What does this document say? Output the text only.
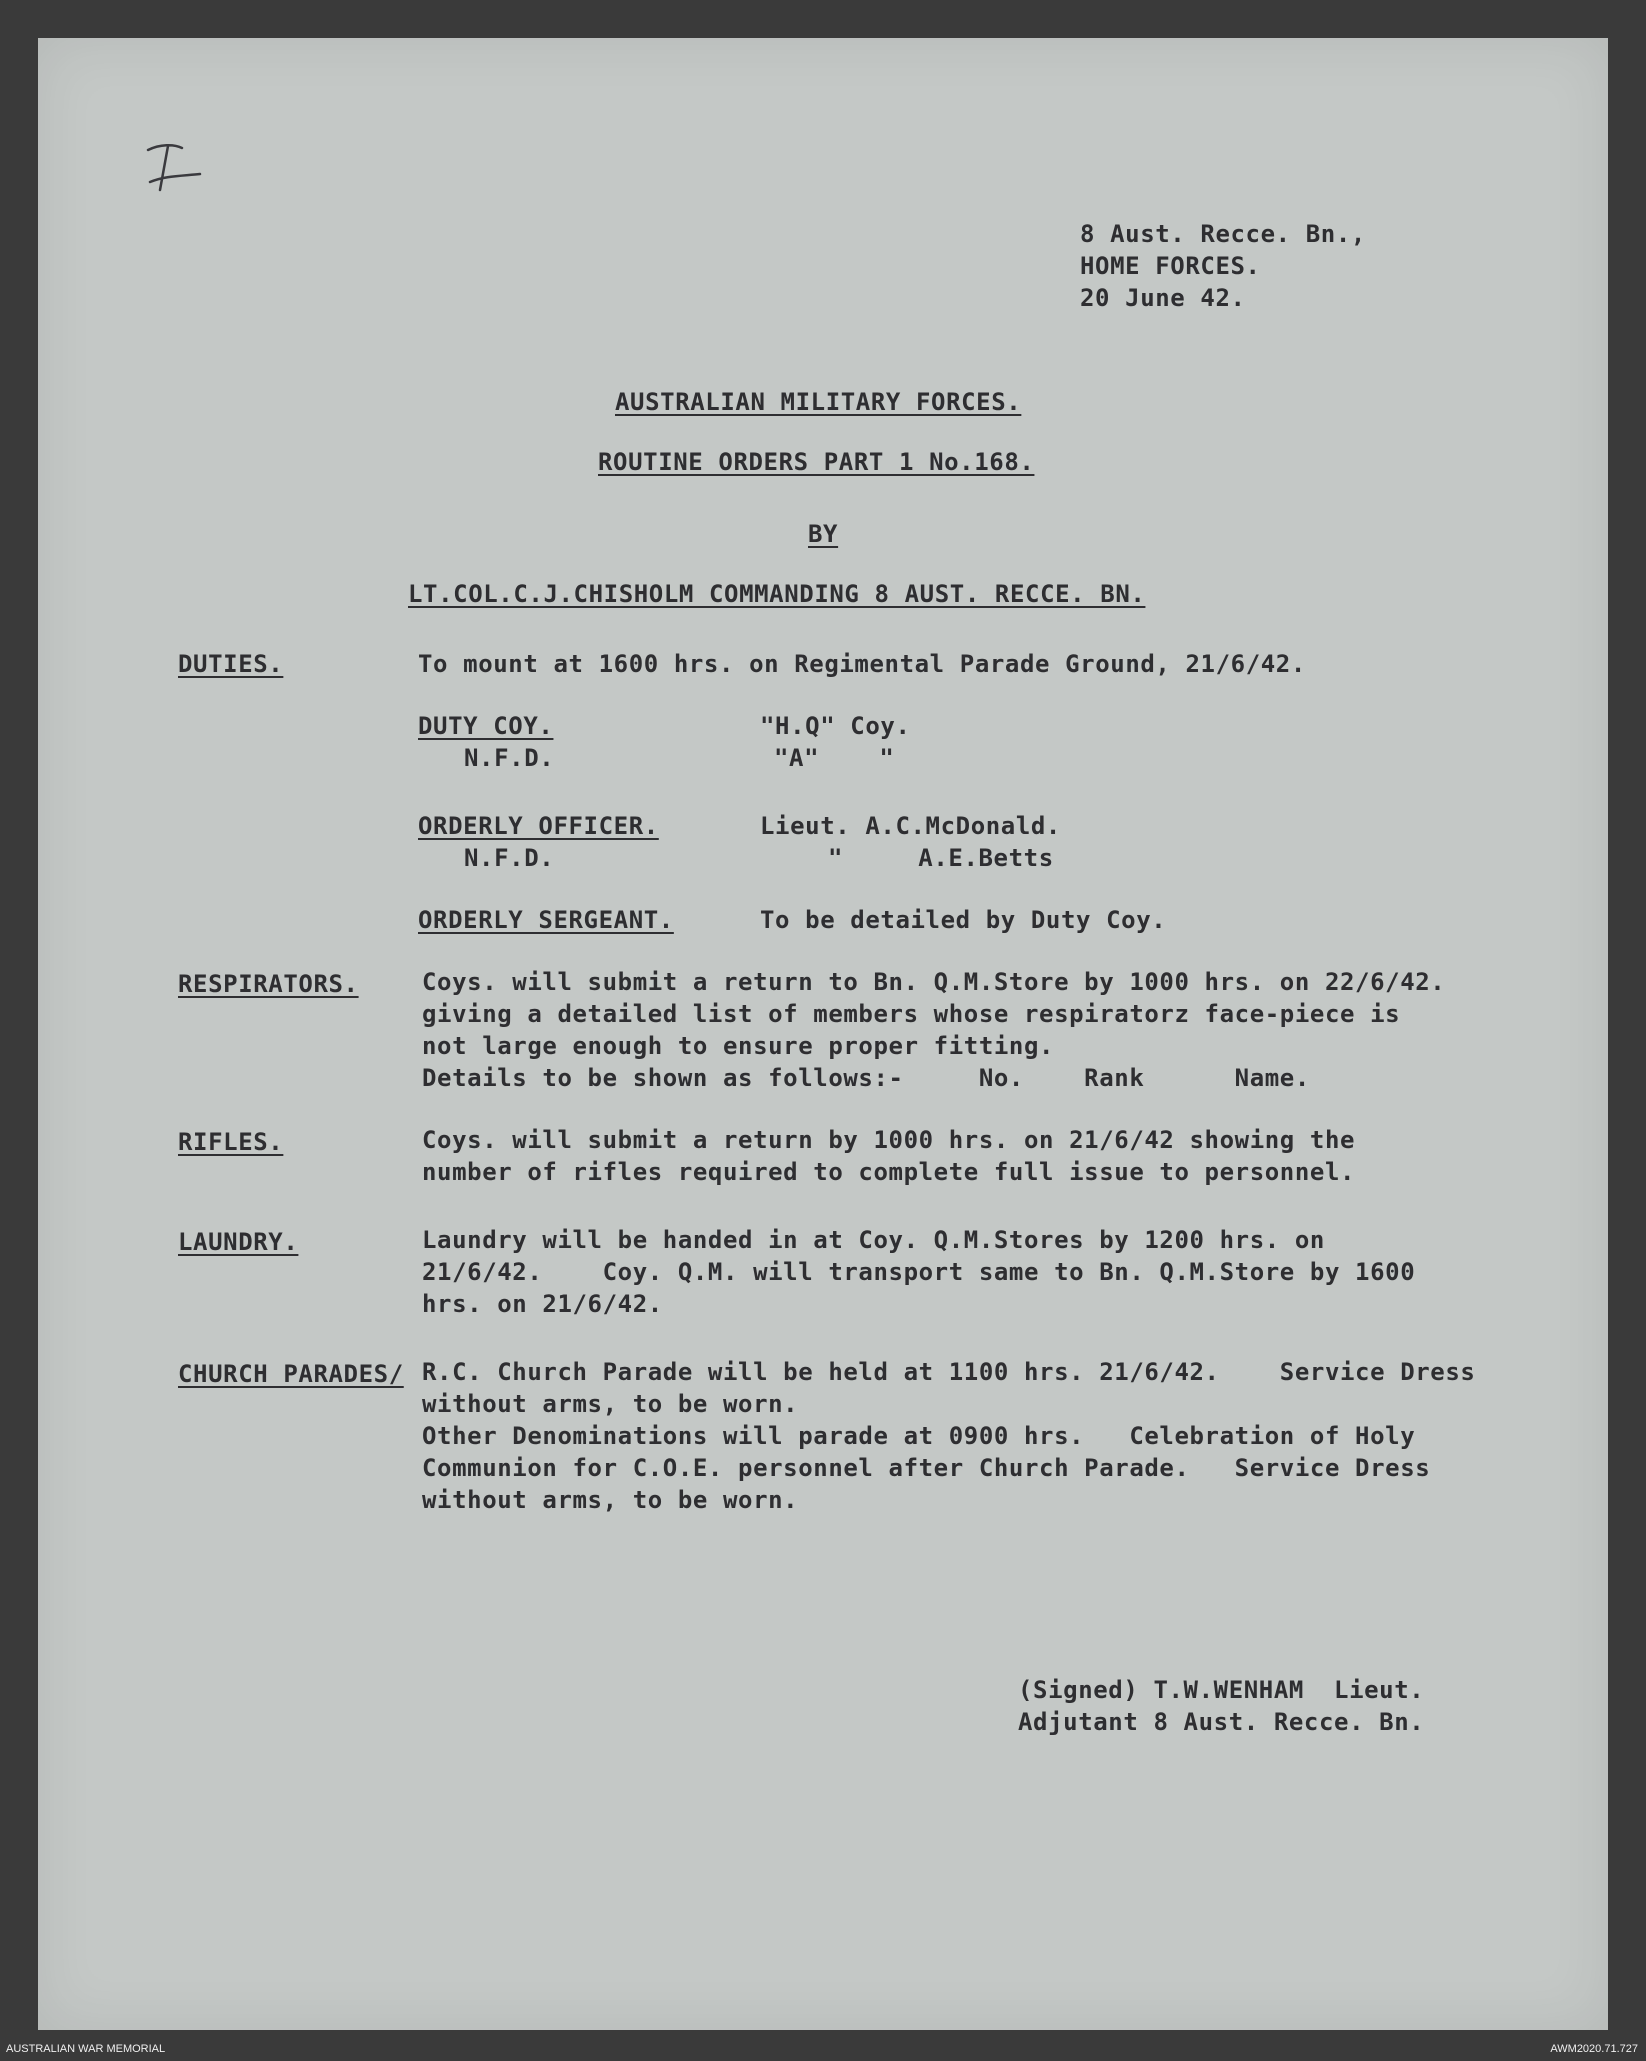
8 Aust. Recce. Bn.,
HOME FORCES.
20 June 42.
AUSTRALIAN MILITARY FORCES.
ROUTINE ORDERS PART 1 No.168.
BY
LT.COL.C.J.CHISHOLM COMMANDING 8 AUST. RECCE. BN.
DUTIES.	To mount at 1600 hrs. on Regimental Parade Ground, 21/6/42.
DUTY COY.	"H.Q" Coy.
N.F.D.	"A"    "
ORDERLY OFFICER.	Lieut. A.C.McDonald.
N.F.D.	"     A.E.Betts
ORDERLY SERGEANT.	To be detailed by Duty Coy.
RESPIRATORS.	Coys. will submit a return to Bn. Q.M.Store by 1000 hrs. on 22/6/42.
giving a detailed list of members whose respiratorz face-piece is
not large enough to ensure proper fitting.
Details to be shown as follows:-     No.    Rank      Name.
RIFLES.	Coys. will submit a return by 1000 hrs. on 21/6/42 showing the
number of rifles required to complete full issue to personnel.
LAUNDRY.	Laundry will be handed in at Coy. Q.M.Stores by 1200 hrs. on
21/6/42.    Coy. Q.M. will transport same to Bn. Q.M.Store by 1600
hrs. on 21/6/42.
CHURCH PARADES/ R.C. Church Parade will be held at 1100 hrs. 21/6/42.    Service Dress
without arms, to be worn.
Other Denominations will parade at 0900 hrs.   Celebration of Holy
Communion for C.O.E. personnel after Church Parade.   Service Dress
without arms, to be worn.
(Signed) T.W.WENHAM  Lieut.
Adjutant 8 Aust. Recce. Bn.
AUSTRALIAN WAR MEMORIAL	AWM2020.71.727
